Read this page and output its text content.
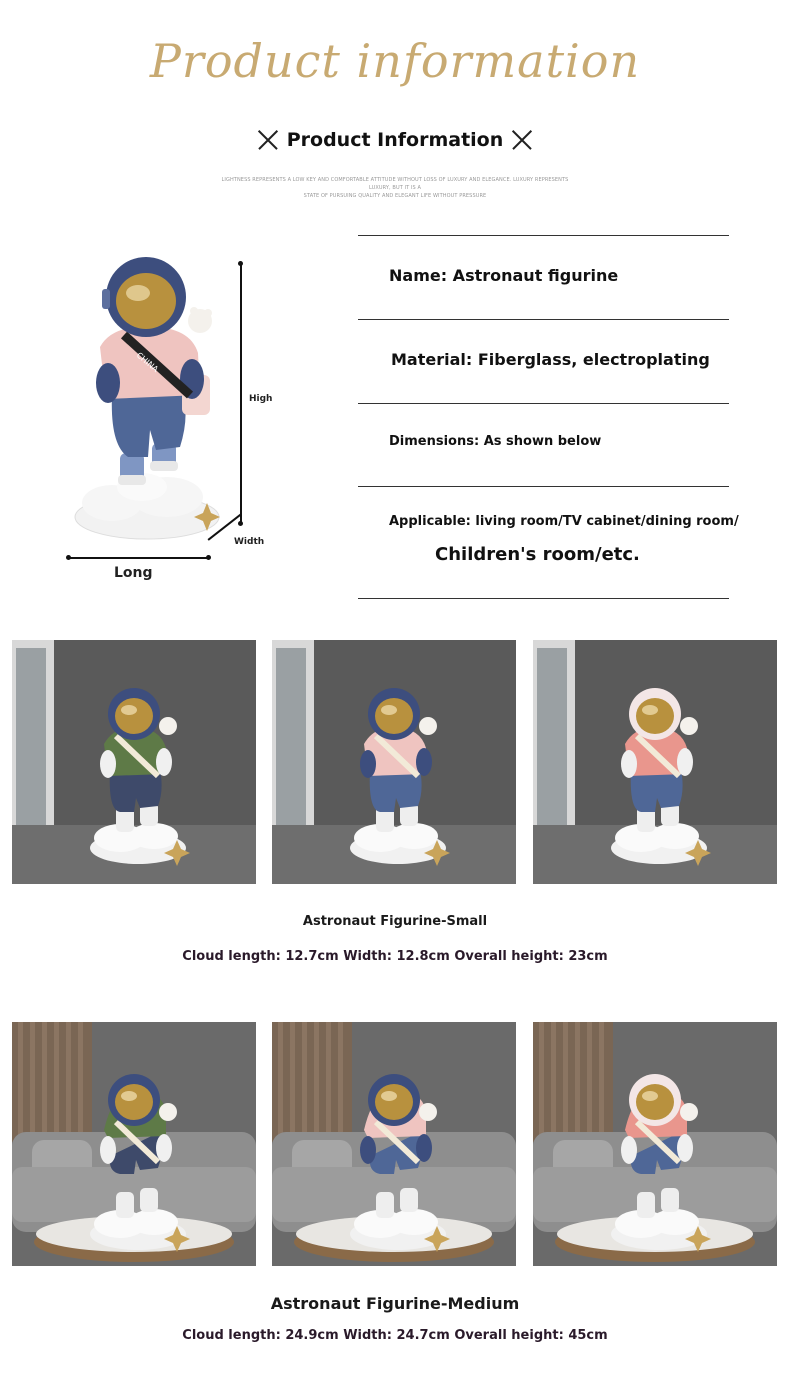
Product information
Product Information
LIGHTNESS REPRESENTS A LOW KEY AND COMFORTABLE ATTITUDE WITHOUT LOSS OF LUXURY AND ELEGANCE. LUXURY REPRESENTS LUXURY, BUT IT IS A
STATE OF PURSUING QUALITY AND ELEGANT LIFE WITHOUT PRESSURE
CHINA
High
Width
Long
Name: Astronaut figurine
Material: Fiberglass, electroplating
Dimensions: As shown below
Applicable: living room/TV cabinet/dining room/
Children's room/etc.
Astronaut Figurine-Small
Cloud length: 12.7cm Width: 12.8cm Overall height: 23cm
Astronaut Figurine-Medium
Cloud length: 24.9cm Width: 24.7cm Overall height: 45cm
